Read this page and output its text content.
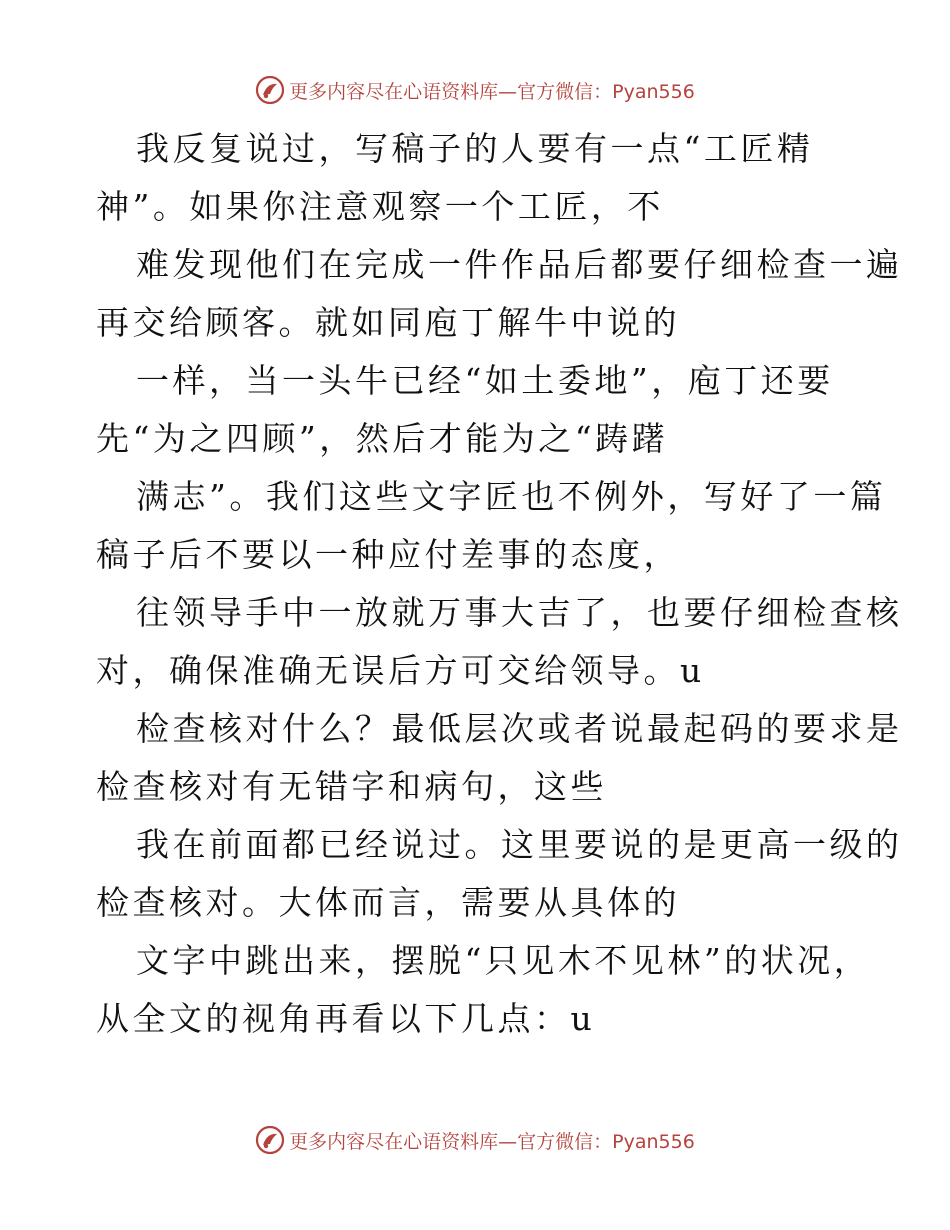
更多内容尽在心语资料库—官方微信：Pyan556
我反复说过，写稿子的人要有一点“工匠精
神”。如果你注意观察一个工匠，不
难发现他们在完成一件作品后都要仔细检查一遍
再交给顾客。就如同庖丁解牛中说的
一样，当一头牛已经“如土委地”，庖丁还要
先“为之四顾”，然后才能为之“踌躇
满志”。我们这些文字匠也不例外，写好了一篇
稿子后不要以一种应付差事的态度，
往领导手中一放就万事大吉了，也要仔细检查核
对，确保准确无误后方可交给领导。u
检查核对什么？最低层次或者说最起码的要求是
检查核对有无错字和病句，这些
我在前面都已经说过。这里要说的是更高一级的
检查核对。大体而言，需要从具体的
文字中跳出来，摆脱“只见木不见林”的状况，
从全文的视角再看以下几点：u
更多内容尽在心语资料库—官方微信：Pyan556
